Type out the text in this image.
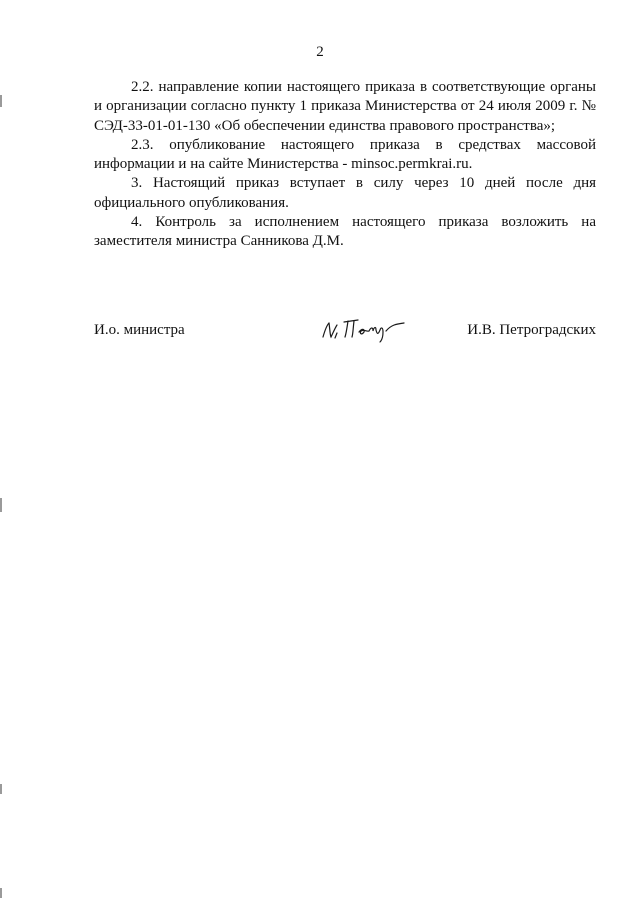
2

2.2. направление копии настоящего приказа в соответствующие органы и организации согласно пункту 1 приказа Министерства от 24 июля 2009 г. № СЭД-33-01-01-130 «Об обеспечении единства правового пространства»;

2.3. опубликование настоящего приказа в средствах массовой информации и на сайте Министерства - minsoc.permkrai.ru.

3. Настоящий приказ вступает в силу через 10 дней после дня официального опубликования.

4. Контроль за исполнением настоящего приказа возложить на заместителя министра Санникова Д.М.

И.о. министра	И.В. Петроградских
